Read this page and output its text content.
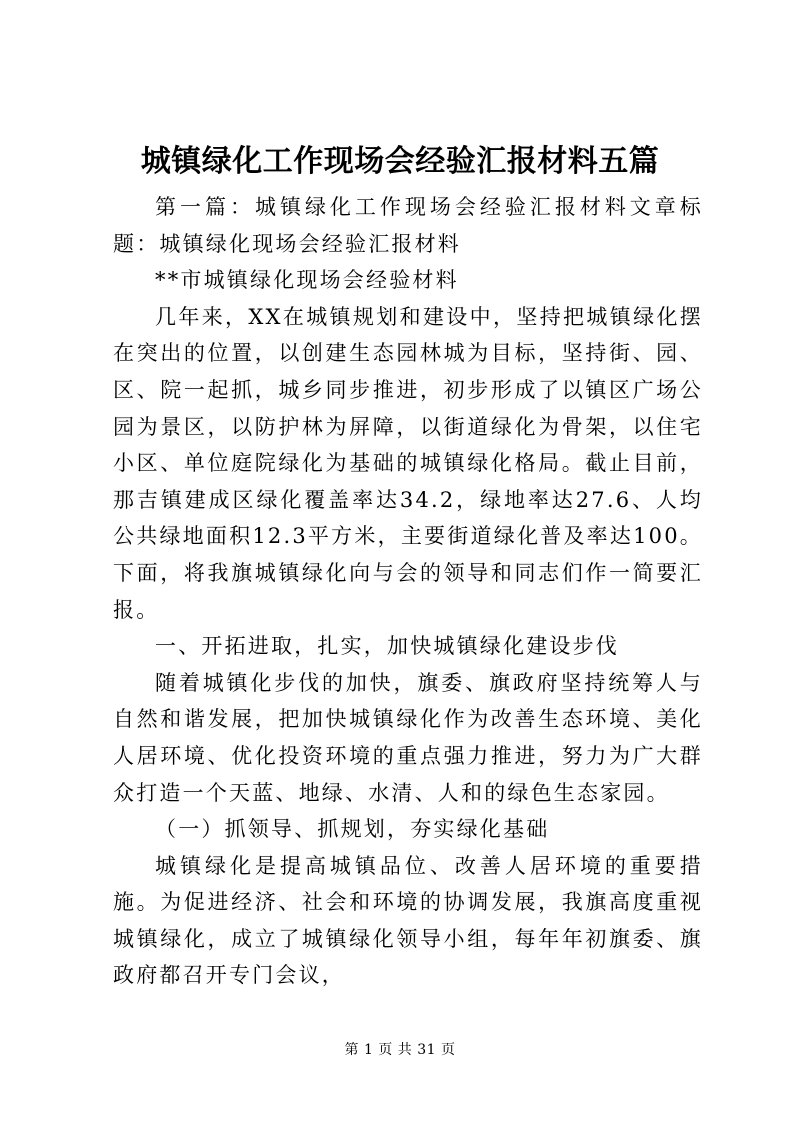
城镇绿化工作现场会经验汇报材料五篇

第一篇：城镇绿化工作现场会经验汇报材料文章标题：城镇绿化现场会经验汇报材料

**市城镇绿化现场会经验材料

几年来，XX在城镇规划和建设中，坚持把城镇绿化摆在突出的位置，以创建生态园林城为目标，坚持街、园、区、院一起抓，城乡同步推进，初步形成了以镇区广场公园为景区，以防护林为屏障，以街道绿化为骨架，以住宅小区、单位庭院绿化为基础的城镇绿化格局。截止目前，那吉镇建成区绿化覆盖率达34.2，绿地率达27.6、人均公共绿地面积12.3平方米，主要街道绿化普及率达100。下面，将我旗城镇绿化向与会的领导和同志们作一简要汇报。

一、开拓进取，扎实，加快城镇绿化建设步伐

随着城镇化步伐的加快，旗委、旗政府坚持统筹人与自然和谐发展，把加快城镇绿化作为改善生态环境、美化人居环境、优化投资环境的重点强力推进，努力为广大群众打造一个天蓝、地绿、水清、人和的绿色生态家园。

（一）抓领导、抓规划，夯实绿化基础

城镇绿化是提高城镇品位、改善人居环境的重要措施。为促进经济、社会和环境的协调发展，我旗高度重视城镇绿化，成立了城镇绿化领导小组，每年年初旗委、旗政府都召开专门会议，

第 1 页 共 31 页
